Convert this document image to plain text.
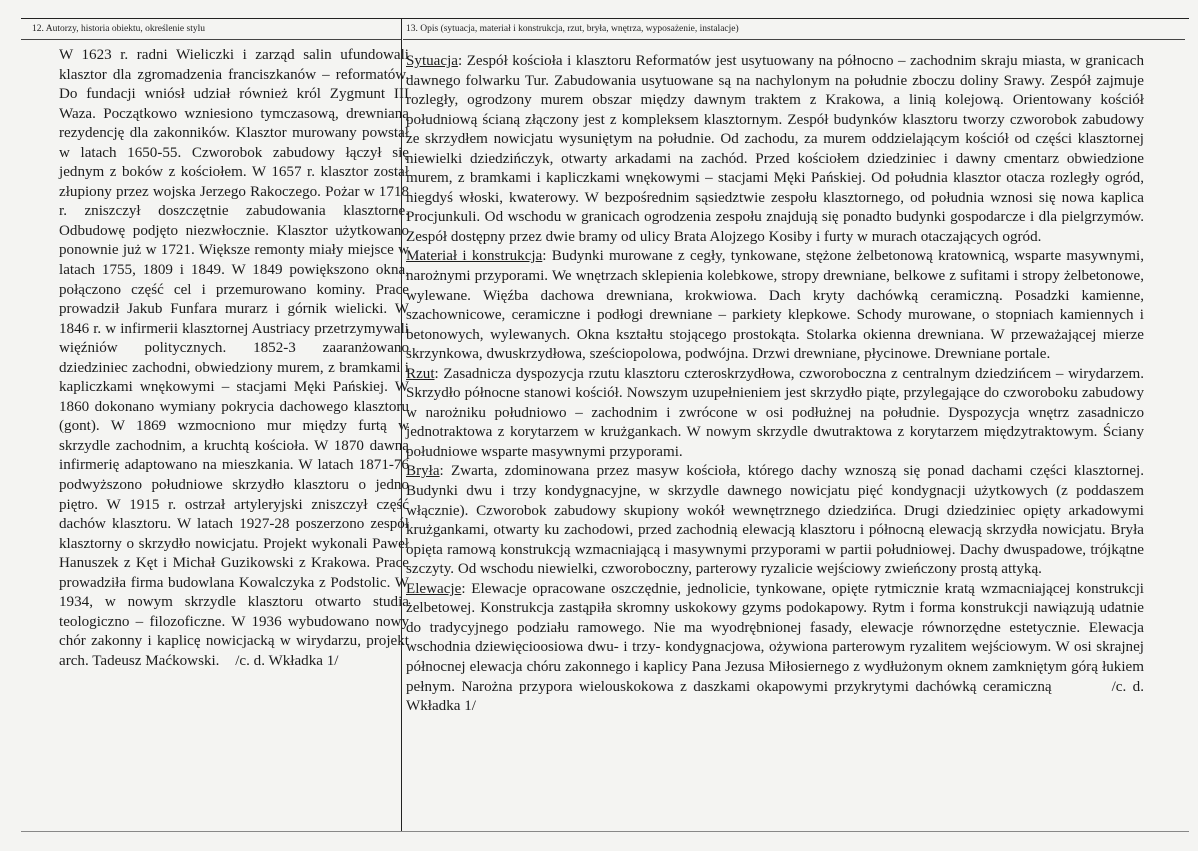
12. Autorzy, historia obiektu, określenie stylu
W 1623 r. radni Wieliczki i zarząd salin ufundowali klasztor dla zgromadzenia franciszkanów – reformatów. Do fundacji wniósł udział również król Zygmunt III Waza. Początkowo wzniesiono tymczasową, drewnianą rezydencję dla zakonników. Klasztor murowany powstał w latach 1650-55. Czworobok zabudowy łączył się jednym z boków z kościołem. W 1657 r. klasztor został złupiony przez wojska Jerzego Rakoczego. Pożar w 1718 r. zniszczył doszczętnie zabudowania klasztorne. Odbudowę podjęto niezwłocznie. Klasztor użytkowano ponownie już w 1721. Większe remonty miały miejsce w latach 1755, 1809 i 1849. W 1849 powiększono okna, połączono część cel i przemurowano kominy. Prace prowadził Jakub Funfara murarz i górnik wielicki. W 1846 r. w infirmerii klasztornej Austriacy przetrzymywali więźniów politycznych. 1852-3 zaaranżowano dziedziniec zachodni, obwiedziony murem, z bramkami i kapliczkami wnękowymi – stacjami Męki Pańskiej. W 1860 dokonano wymiany pokrycia dachowego klasztoru (gont). W 1869 wzmocniono mur między furtą w skrzydle zachodnim, a kruchtą kościoła. W 1870 dawną infirmerię adaptowano na mieszkania. W latach 1871-76 podwyższono południowe skrzydło klasztoru o jedno piętro. W 1915 r. ostrzał artyleryjski zniszczył część dachów klasztoru. W latach 1927-28 poszerzono zespół klasztorny o skrzydło nowicjatu. Projekt wykonali Paweł Hanuszek z Kęt i Michał Guzikowski z Krakowa. Prace prowadziła firma budowlana Kowalczyka z Podstolic. W 1934, w nowym skrzydle klasztoru otwarto studia teologiczno – filozoficzne. W 1936 wybudowano nowy chór zakonny i kaplicę nowicjacką w wirydarzu, projekt arch. Tadeusz Maćkowski. /c. d. Wkładka 1/
13. Opis (sytuacja, materiał i konstrukcja, rzut, bryła, wnętrza, wyposażenie, instalacje)

Sytuacja: Zespół kościoła i klasztoru Reformatów jest usytuowany na północno – zachodnim skraju miasta, w granicach dawnego folwarku Tur. Zabudowania usytuowane są na nachylonym na południe zboczu doliny Srawy. Zespół zajmuje rozległy, ogrodzony murem obszar między dawnym traktem z Krakowa, a linią kolejową. Orientowany kościół południową ścianą złączony jest z kompleksem klasztornym. Zespół budynków klasztoru tworzy czworobok zabudowy ze skrzydłem nowicjatu wysuniętym na południe. Od zachodu, za murem oddzielającym kościół od części klasztornej niewielki dziedzińczyk, otwarty arkadami na zachód. Przed kościołem dziedziniec i dawny cmentarz obwiedzione murem, z bramkami i kapliczkami wnękowymi – stacjami Męki Pańskiej. Od południa klasztor otacza rozległy ogród, niegdyś włoski, kwaterowy. W bezpośrednim sąsiedztwie zespołu klasztornego, od południa wznosi się nowa kaplica Procjunkuli. Od wschodu w granicach ogrodzenia zespołu znajdują się ponadto budynki gospodarcze i dla pielgrzymów. Zespół dostępny przez dwie bramy od ulicy Brata Alojzego Kosiby i furty w murach otaczających ogród.

Materiał i konstrukcja: Budynki murowane z cegły, tynkowane, stężone żelbetonową kratownicą, wsparte masywnymi, narożnymi przyporami. We wnętrzach sklepienia kolebkowe, stropy drewniane, belkowe z sufitami i stropy żelbetonowe, wylewane. Więźba dachowa drewniana, krokwiowa. Dach kryty dachówką ceramiczną. Posadzki kamienne, szachownicowe, ceramiczne i podłogi drewniane – parkiety klepkowe. Schody murowane, o stopniach kamiennych i betonowych, wylewanych. Okna kształtu stojącego prostokąta. Stolarka okienna drewniana. W przeważającej mierze skrzynkowa, dwuskrzydłowa, sześciopolowa, podwójna. Drzwi drewniane, płycinowe. Drewniane portale.

Rzut: Zasadnicza dyspozycja rzutu klasztoru czteroskrzydłowa, czworoboczna z centralnym dziedzińcem – wirydarzem. Skrzydło północne stanowi kościół. Nowszym uzupełnieniem jest skrzydło piąte, przylegające do czworoboku zabudowy w narożniku południowo – zachodnim i zwrócone w osi podłużnej na południe. Dyspozycja wnętrz zasadniczo jednotraktowa z korytarzem w krużgankach. W nowym skrzydle dwutraktowa z korytarzem międzytraktowym. Ściany południowe wsparte masywnymi przyporami.

Bryła: Zwarta, zdominowana przez masyw kościoła, którego dachy wznoszą się ponad dachami części klasztornej. Budynki dwu i trzy kondygnacyjne, w skrzydle dawnego nowicjatu pięć kondygnacji użytkowych (z poddaszem włącznie). Czworobok zabudowy skupiony wokół wewnętrznego dziedzińca. Drugi dziedziniec opięty arkadowymi krużgankami, otwarty ku zachodowi, przed zachodnią elewacją klasztoru i północną elewacją skrzydła nowicjatu. Bryła opięta ramową konstrukcją wzmacniającą i masywnymi przyporami w partii południowej. Dachy dwuspadowe, trójkątne szczyty. Od wschodu niewielki, czworoboczny, parterowy ryzalicie wejściowy zwieńczony prostą attyką.

Elewacje: Elewacje opracowane oszczędnie, jednolicie, tynkowane, opięte rytmicznie kratą wzmacniającej konstrukcji żelbetowej. Konstrukcja zastąpiła skromny uskokowy gzyms podokapowy. Rytm i forma konstrukcji nawiązują udatnie do tradycyjnego podziału ramowego. Nie ma wyodrębnionej fasady, elewacje równorzędne estetycznie. Elewacja wschodnia dziewięcioosiowa dwu- i trzy- kondygnacjowa, ożywiona parterowym ryzalitem wejściowym. W osi skrajnej północnej elewacja chóru zakonnego i kaplicy Pana Jezusa Miłosiernego z wydłużonym oknem zamkniętym górą łukiem pełnym. Narożna przypora wielouskokowa z daszkami okapowymi przykrytymi dachówką ceramiczną	/c. d. Wkładka 1/
